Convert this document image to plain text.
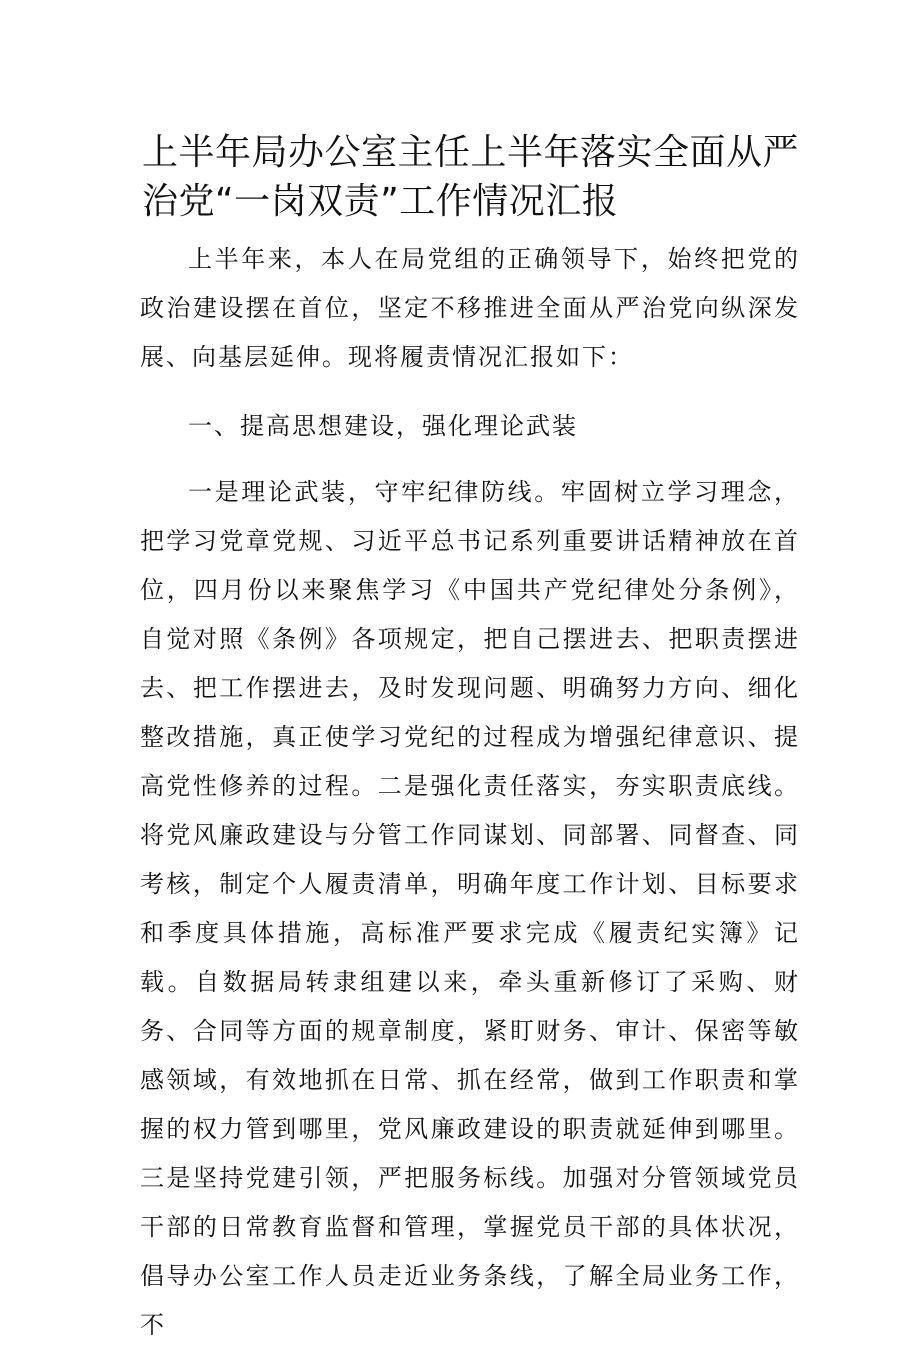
上半年局办公室主任上半年落实全面从严治党“一岗双责”工作情况汇报

上半年来，本人在局党组的正确领导下，始终把党的政治建设摆在首位，坚定不移推进全面从严治党向纵深发展、向基层延伸。现将履责情况汇报如下：

一、提高思想建设，强化理论武装

一是理论武装，守牢纪律防线。牢固树立学习理念，把学习党章党规、习近平总书记系列重要讲话精神放在首位，四月份以来聚焦学习《中国共产党纪律处分条例》，自觉对照《条例》各项规定，把自己摆进去、把职责摆进去、把工作摆进去，及时发现问题、明确努力方向、细化整改措施，真正使学习党纪的过程成为增强纪律意识、提高党性修养的过程。二是强化责任落实，夯实职责底线。将党风廉政建设与分管工作同谋划、同部署、同督查、同考核，制定个人履责清单，明确年度工作计划、目标要求和季度具体措施，高标准严要求完成《履责纪实簿》记载。自数据局转隶组建以来，牵头重新修订了采购、财务、合同等方面的规章制度，紧盯财务、审计、保密等敏感领域，有效地抓在日常、抓在经常，做到工作职责和掌握的权力管到哪里，党风廉政建设的职责就延伸到哪里。三是坚持党建引领，严把服务标线。加强对分管领域党员干部的日常教育监督和管理，掌握党员干部的具体状况，倡导办公室工作人员走近业务条线，了解全局业务工作，不
